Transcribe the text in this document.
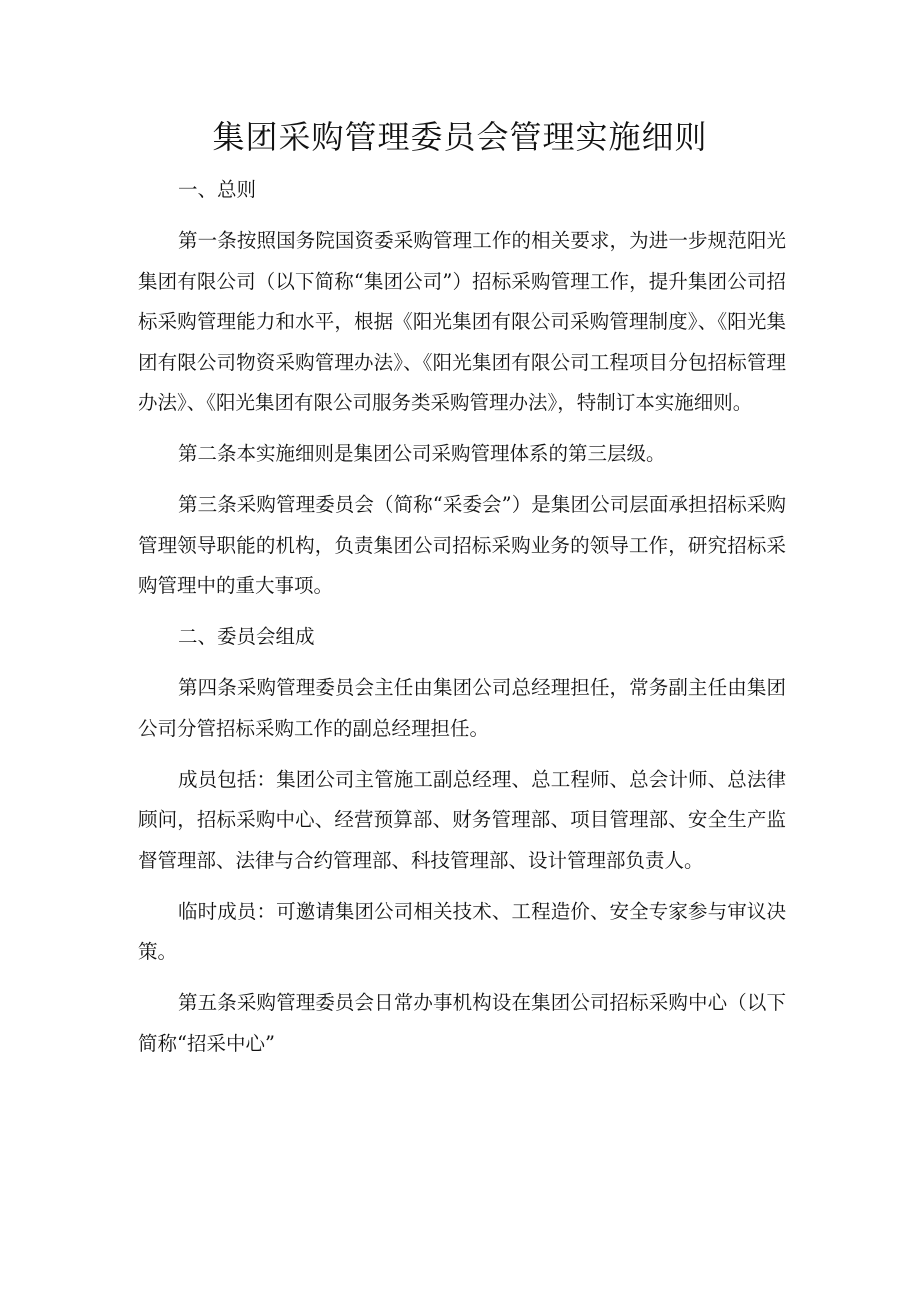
集团采购管理委员会管理实施细则

一、总则

第一条按照国务院国资委采购管理工作的相关要求，为进一步规范阳光集团有限公司（以下简称“集团公司”）招标采购管理工作，提升集团公司招标采购管理能力和水平，根据《阳光集团有限公司采购管理制度》、《阳光集团有限公司物资采购管理办法》、《阳光集团有限公司工程项目分包招标管理办法》、《阳光集团有限公司服务类采购管理办法》，特制订本实施细则。

第二条本实施细则是集团公司采购管理体系的第三层级。

第三条采购管理委员会（简称“采委会”）是集团公司层面承担招标采购管理领导职能的机构，负责集团公司招标采购业务的领导工作，研究招标采购管理中的重大事项。

二、委员会组成

第四条采购管理委员会主任由集团公司总经理担任，常务副主任由集团公司分管招标采购工作的副总经理担任。

成员包括：集团公司主管施工副总经理、总工程师、总会计师、总法律顾问，招标采购中心、经营预算部、财务管理部、项目管理部、安全生产监督管理部、法律与合约管理部、科技管理部、设计管理部负责人。

临时成员：可邀请集团公司相关技术、工程造价、安全专家参与审议决策。

第五条采购管理委员会日常办事机构设在集团公司招标采购中心（以下简称“招采中心”
